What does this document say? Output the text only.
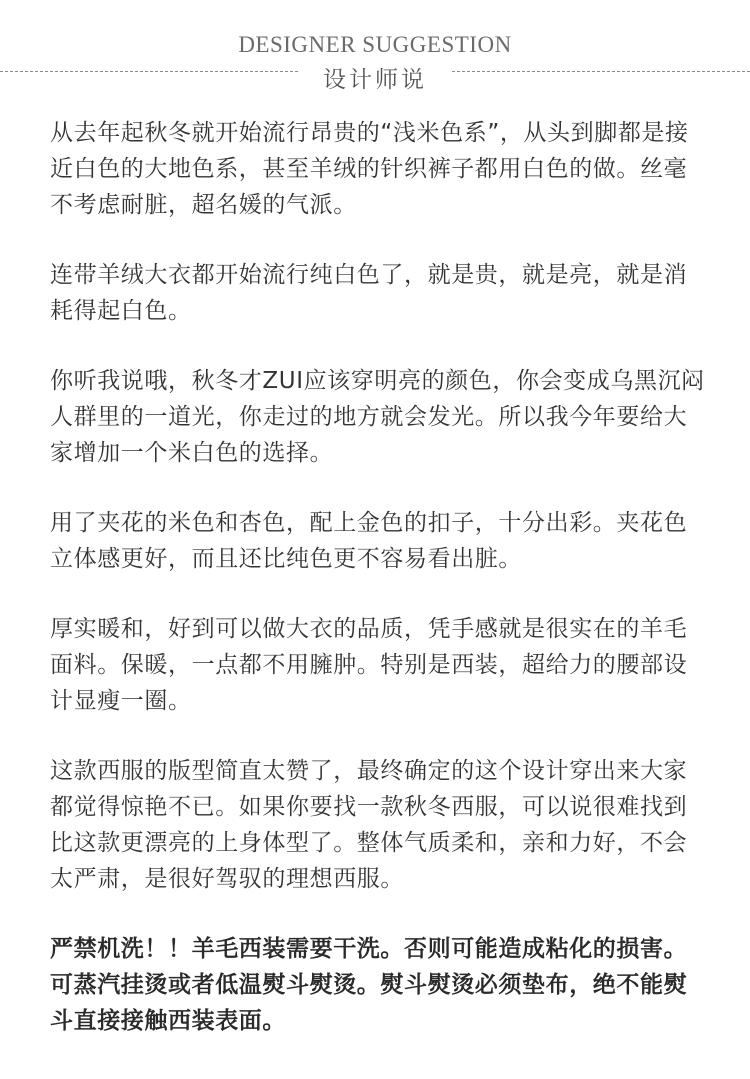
DESIGNER SUGGESTION
设计师说

从去年起秋冬就开始流行昂贵的“浅米色系”，从头到脚都是接近白色的大地色系，甚至羊绒的针织裤子都用白色的做。丝毫不考虑耐脏，超名媛的气派。

连带羊绒大衣都开始流行纯白色了，就是贵，就是亮，就是消耗得起白色。

你听我说哦，秋冬才ZUI应该穿明亮的颜色，你会变成乌黑沉闷人群里的一道光，你走过的地方就会发光。所以我今年要给大家增加一个米白色的选择。

用了夹花的米色和杏色，配上金色的扣子，十分出彩。夹花色立体感更好，而且还比纯色更不容易看出脏。

厚实暖和，好到可以做大衣的品质，凭手感就是很实在的羊毛面料。保暖，一点都不用臃肿。特别是西装，超给力的腰部设计显瘦一圈。

这款西服的版型简直太赞了，最终确定的这个设计穿出来大家都觉得惊艳不已。如果你要找一款秋冬西服，可以说很难找到比这款更漂亮的上身体型了。整体气质柔和，亲和力好，不会太严肃，是很好驾驭的理想西服。

严禁机洗！！羊毛西装需要干洗。否则可能造成粘化的损害。可蒸汽挂烫或者低温熨斗熨烫。熨斗熨烫必须垫布，绝不能熨斗直接接触西装表面。
